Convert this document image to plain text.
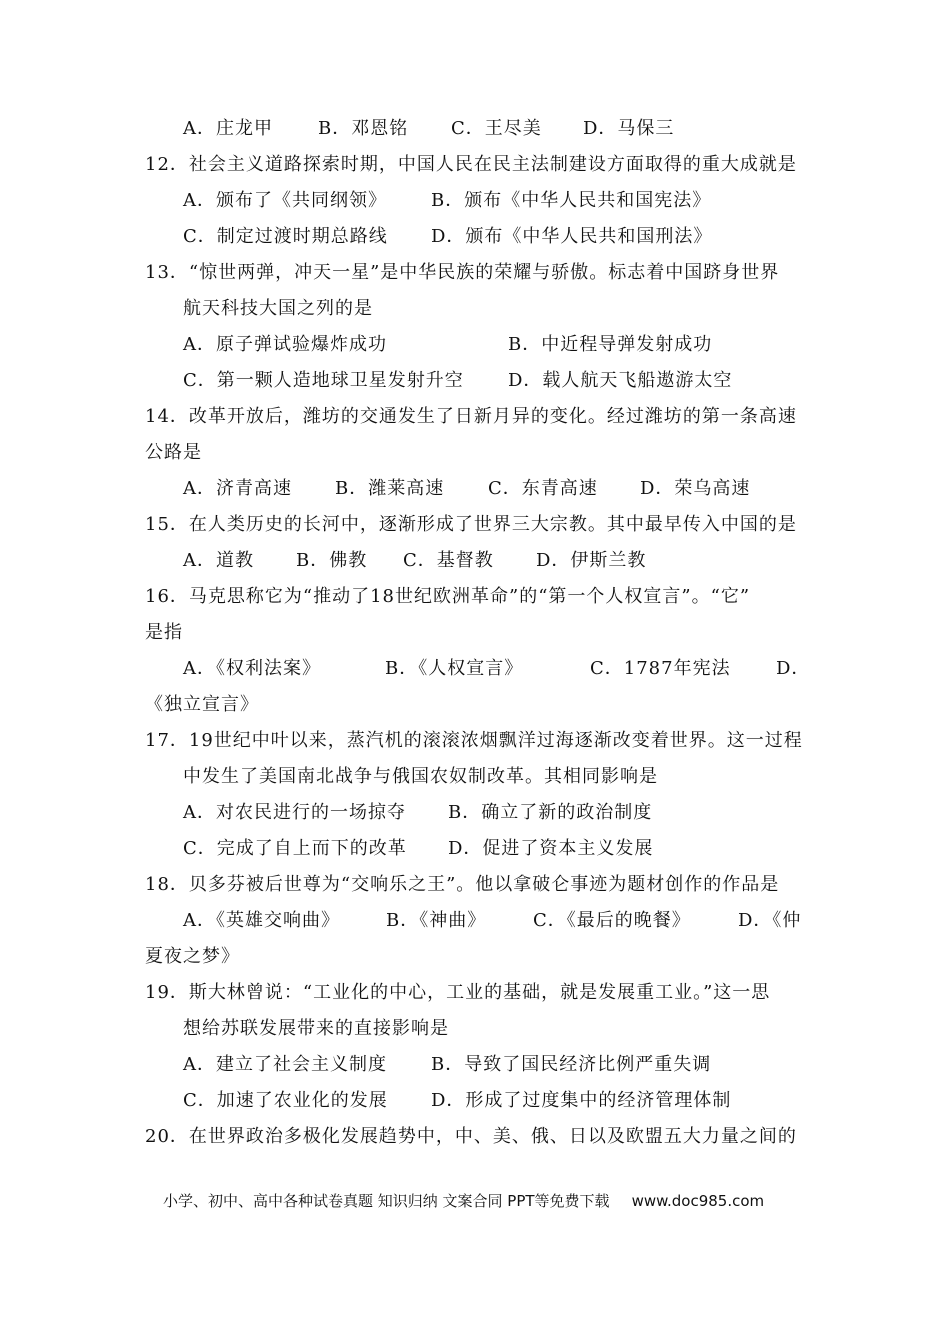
A．庄龙甲	B．邓恩铭 C．王尽美 D．马保三
12．社会主义道路探索时期，中国人民在民主法制建设方面取得的重大成就是
A．颁布了《共同纲领》 B．颁布《中华人民共和国宪法》
C．制定过渡时期总路线 D．颁布《中华人民共和国刑法》
13．“惊世两弹，冲天一星”是中华民族的荣耀与骄傲。标志着中国跻身世界
航天科技大国之列的是
A．原子弹试验爆炸成功	B．中近程导弹发射成功
C．第一颗人造地球卫星发射升空 D．载人航天飞船遨游太空
14．改革开放后，潍坊的交通发生了日新月异的变化。经过潍坊的第一条高速
公路是
A．济青高速 B．潍莱高速 C．东青高速 D．荣乌高速
15．在人类历史的长河中，逐渐形成了世界三大宗教。其中最早传入中国的是
A．道教 B．佛教 C．基督教 D．伊斯兰教
16．马克思称它为“推动了18世纪欧洲革命”的“第一个人权宣言”。“它”
是指
A．《权利法案》	B．《人权宣言》	C．1787年宪法	D．
《独立宣言》
17．19世纪中叶以来，蒸汽机的滚滚浓烟飘洋过海逐渐改变着世界。这一过程
中发生了美国南北战争与俄国农奴制改革。其相同影响是
A．对农民进行的一场掠夺 B．确立了新的政治制度
C．完成了自上而下的改革 D．促进了资本主义发展
18．贝多芬被后世尊为“交响乐之王”。他以拿破仑事迹为题材创作的作品是
A．《英雄交响曲》	B．《神曲》	C．《最后的晚餐》	D．《仲
夏夜之梦》
19．斯大林曾说：“工业化的中心，工业的基础，就是发展重工业。”这一思
想给苏联发展带来的直接影响是
A．建立了社会主义制度 B．导致了国民经济比例严重失调
C．加速了农业化的发展 D．形成了过度集中的经济管理体制
20．在世界政治多极化发展趋势中，中、美、俄、日以及欧盟五大力量之间的
小学、初中、高中各种试卷真题 知识归纳 文案合同 PPT等免费下载 www.doc985.com
